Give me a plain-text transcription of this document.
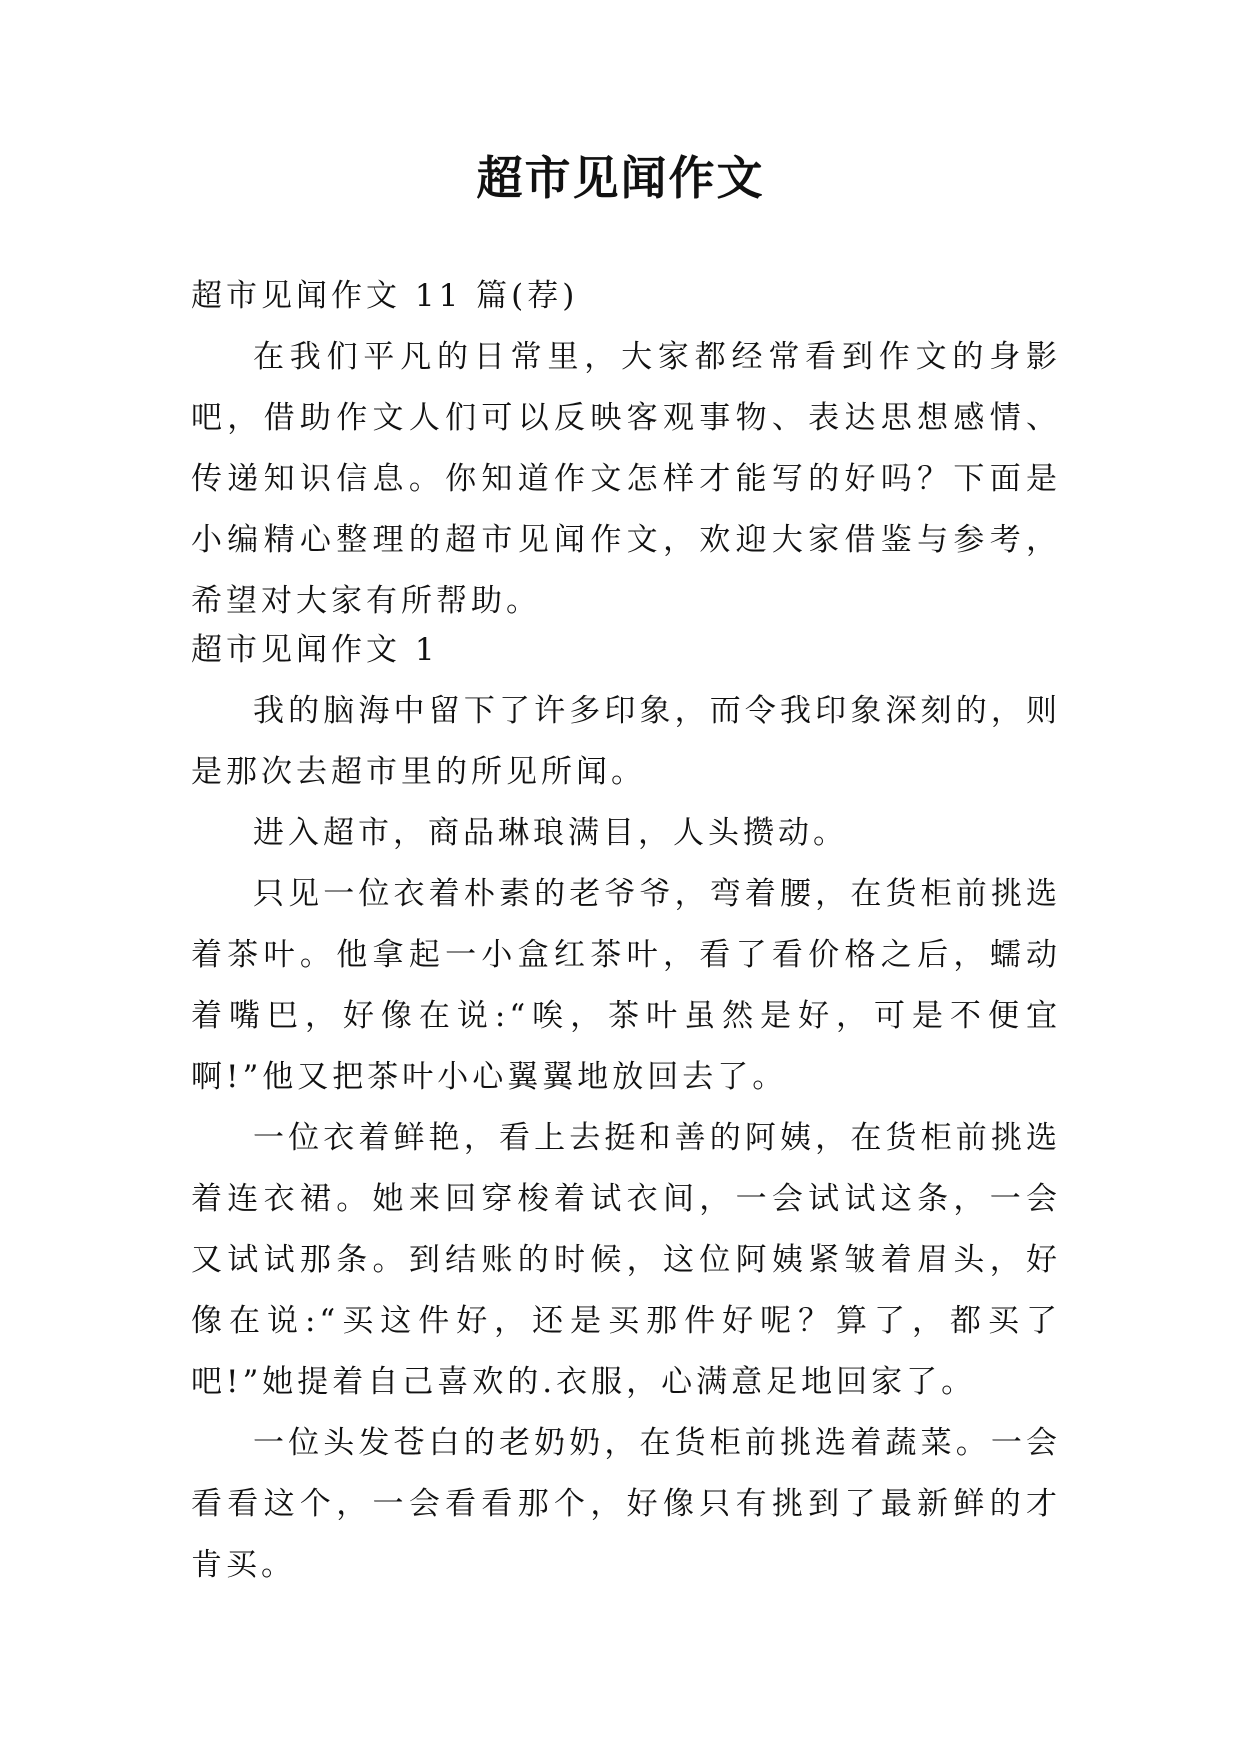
超市见闻作文
超市见闻作文 11 篇(荐)

在我们平凡的日常里，大家都经常看到作文的身影吧，借助作文人们可以反映客观事物、表达思想感情、传递知识信息。你知道作文怎样才能写的好吗？下面是小编精心整理的超市见闻作文，欢迎大家借鉴与参考，希望对大家有所帮助。

超市见闻作文 1

我的脑海中留下了许多印象，而令我印象深刻的，则是那次去超市里的所见所闻。

进入超市，商品琳琅满目，人头攒动。

只见一位衣着朴素的老爷爷，弯着腰，在货柜前挑选着茶叶。他拿起一小盒红茶叶，看了看价格之后，蠕动着嘴巴，好像在说:“唉，茶叶虽然是好，可是不便宜啊!”他又把茶叶小心翼翼地放回去了。

一位衣着鲜艳，看上去挺和善的阿姨，在货柜前挑选着连衣裙。她来回穿梭着试衣间，一会试试这条，一会又试试那条。到结账的时候，这位阿姨紧皱着眉头，好像在说:“买这件好，还是买那件好呢？算了，都买了吧!”她提着自己喜欢的.衣服，心满意足地回家了。

一位头发苍白的老奶奶，在货柜前挑选着蔬菜。一会看看这个，一会看看那个，好像只有挑到了最新鲜的才肯买。
